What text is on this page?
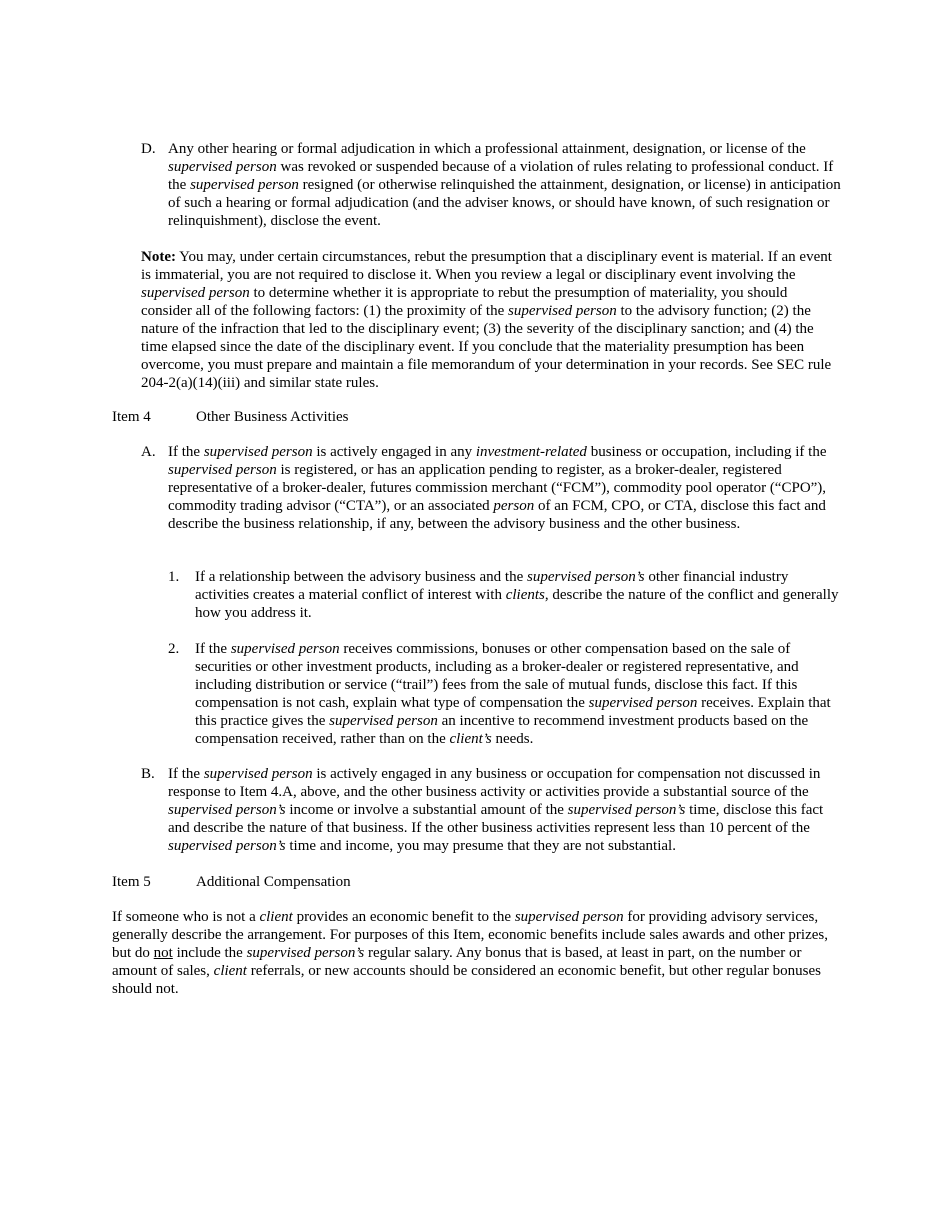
D. Any other hearing or formal adjudication in which a professional attainment, designation, or license of the supervised person was revoked or suspended because of a violation of rules relating to professional conduct. If the supervised person resigned (or otherwise relinquished the attainment, designation, or license) in anticipation of such a hearing or formal adjudication (and the adviser knows, or should have known, of such resignation or relinquishment), disclose the event.

Note: You may, under certain circumstances, rebut the presumption that a disciplinary event is material. If an event is immaterial, you are not required to disclose it. When you review a legal or disciplinary event involving the supervised person to determine whether it is appropriate to rebut the presumption of materiality, you should consider all of the following factors: (1) the proximity of the supervised person to the advisory function; (2) the nature of the infraction that led to the disciplinary event; (3) the severity of the disciplinary sanction; and (4) the time elapsed since the date of the disciplinary event. If you conclude that the materiality presumption has been overcome, you must prepare and maintain a file memorandum of your determination in your records. See SEC rule 204-2(a)(14)(iii) and similar state rules.

Item 4	Other Business Activities
A. If the supervised person is actively engaged in any investment-related business or occupation, including if the supervised person is registered, or has an application pending to register, as a broker-dealer, registered representative of a broker-dealer, futures commission merchant (“FCM”), commodity pool operator (“CPO”), commodity trading advisor (“CTA”), or an associated person of an FCM, CPO, or CTA, disclose this fact and describe the business relationship, if any, between the advisory business and the other business.

1. If a relationship between the advisory business and the supervised person’s other financial industry activities creates a material conflict of interest with clients, describe the nature of the conflict and generally how you address it.

2. If the supervised person receives commissions, bonuses or other compensation based on the sale of securities or other investment products, including as a broker-dealer or registered representative, and including distribution or service (“trail”) fees from the sale of mutual funds, disclose this fact. If this compensation is not cash, explain what type of compensation the supervised person receives. Explain that this practice gives the supervised person an incentive to recommend investment products based on the compensation received, rather than on the client’s needs.

B. If the supervised person is actively engaged in any business or occupation for compensation not discussed in response to Item 4.A, above, and the other business activity or activities provide a substantial source of the supervised person’s income or involve a substantial amount of the supervised person’s time, disclose this fact and describe the nature of that business. If the other business activities represent less than 10 percent of the supervised person’s time and income, you may presume that they are not substantial.

Item 5	Additional Compensation

If someone who is not a client provides an economic benefit to the supervised person for providing advisory services, generally describe the arrangement. For purposes of this Item, economic benefits include sales awards and other prizes, but do not include the supervised person’s regular salary. Any bonus that is based, at least in part, on the number or amount of sales, client referrals, or new accounts should be considered an economic benefit, but other regular bonuses should not.
